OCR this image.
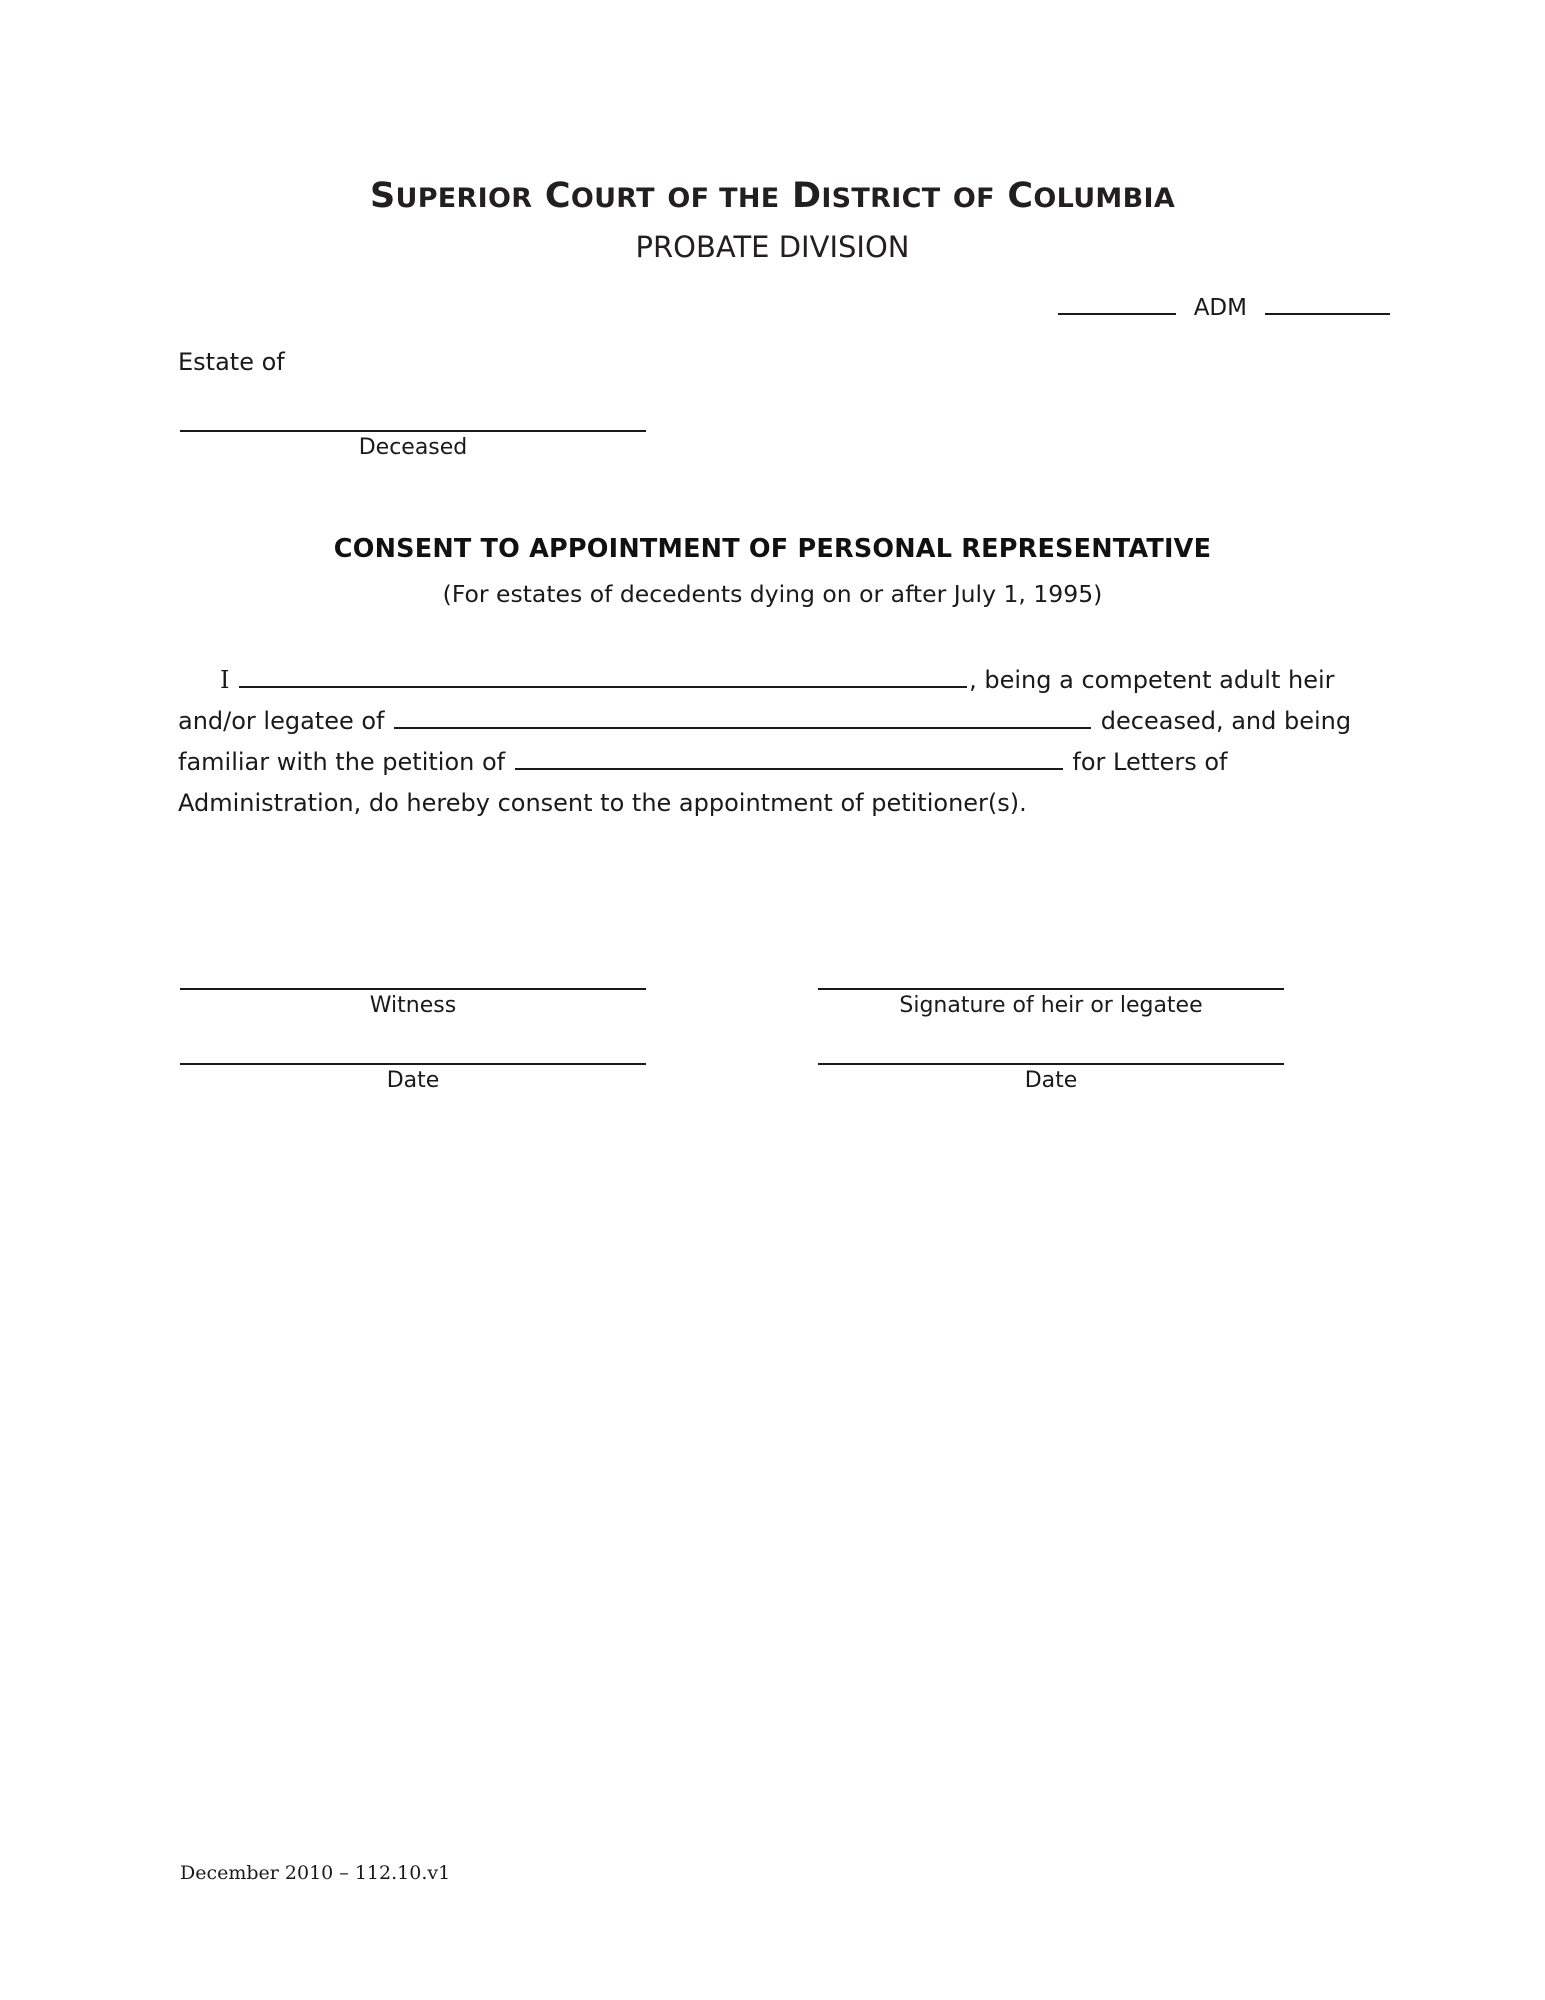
SUPERIOR COURT OF THE DISTRICT OF COLUMBIA
PROBATE DIVISION
ADM
Estate of
Deceased
CONSENT TO APPOINTMENT OF PERSONAL REPRESENTATIVE
(For estates of decedents dying on or after July 1, 1995)
I	, being a competent adult heir
and/or legatee of	deceased, and being
familiar with the petition of	for Letters of
Administration, do hereby consent to the appointment of petitioner(s).
Witness	Signature of heir or legatee
Date	Date
December 2010 – 112.10.v1
